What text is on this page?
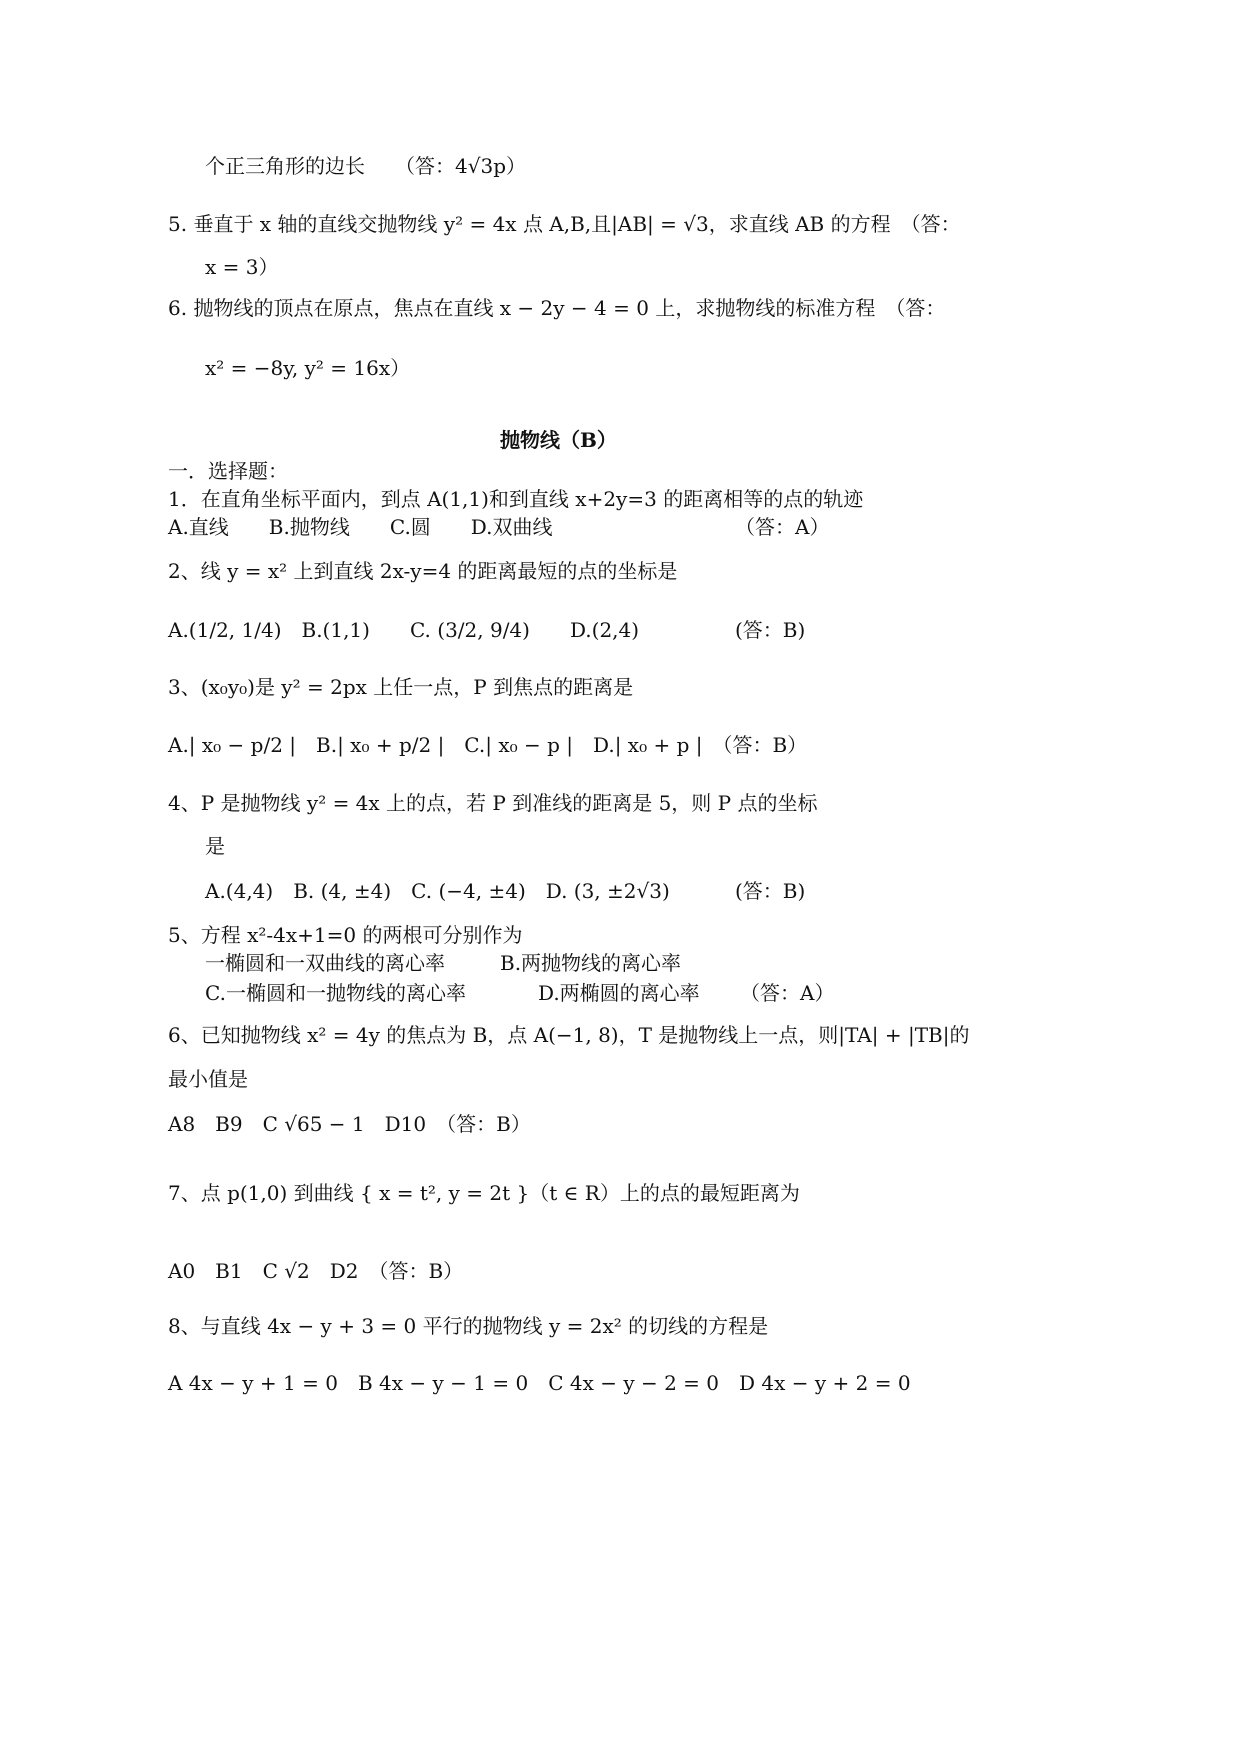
个正三角形的边长　　（答：4√3p）
5. 垂直于 x 轴的直线交抛物线 y² = 4x 点 A,B,且|AB| = √3，求直线 AB 的方程　（答：
x = 3）
6. 抛物线的顶点在原点，焦点在直线 x − 2y − 4 = 0 上，求抛物线的标准方程　（答：
x² = −8y, y² = 16x）
抛物线（B）
一．选择题：
1．在直角坐标平面内，到点 A(1,1)和到直线 x+2y=3 的距离相等的点的轨迹
A.直线　　B.抛物线　　C.圆　　D.双曲线	（答：A）
2、线 y = x² 上到直线 2x-y=4 的距离最短的点的坐标是
A.(1/2, 1/4)　B.(1,1)　　C. (3/2, 9/4)　　D.(2,4)	(答：B)
3、(x₀y₀)是 y² = 2px 上任一点，P 到焦点的距离是
A.| x₀ − p/2 |　B.| x₀ + p/2 |　C.| x₀ − p |　D.| x₀ + p |　（答：B）
4、P 是抛物线 y² = 4x 上的点，若 P 到准线的距离是 5，则 P 点的坐标
是
A.(4,4)　B. (4, ±4)　C. (−4, ±4)　D. (3, ±2√3)	(答：B)
5、方程 x²-4x+1=0 的两根可分别作为
一椭圆和一双曲线的离心率	B.两抛物线的离心率
C.一椭圆和一抛物线的离心率	D.两椭圆的离心率 （答：A）
6、已知抛物线 x² = 4y 的焦点为 B，点 A(−1, 8)，T 是抛物线上一点，则|TA| + |TB|的
最小值是
A8　B9　C √65 − 1　D10　（答：B）
7、点 p(1,0) 到曲线 { x = t², y = 2t }（t ∈ R）上的点的最短距离为
A0　B1　C √2　D2　（答：B）
8、与直线 4x − y + 3 = 0 平行的抛物线 y = 2x² 的切线的方程是
A 4x − y + 1 = 0　B 4x − y − 1 = 0　C 4x − y − 2 = 0　D 4x − y + 2 = 0
